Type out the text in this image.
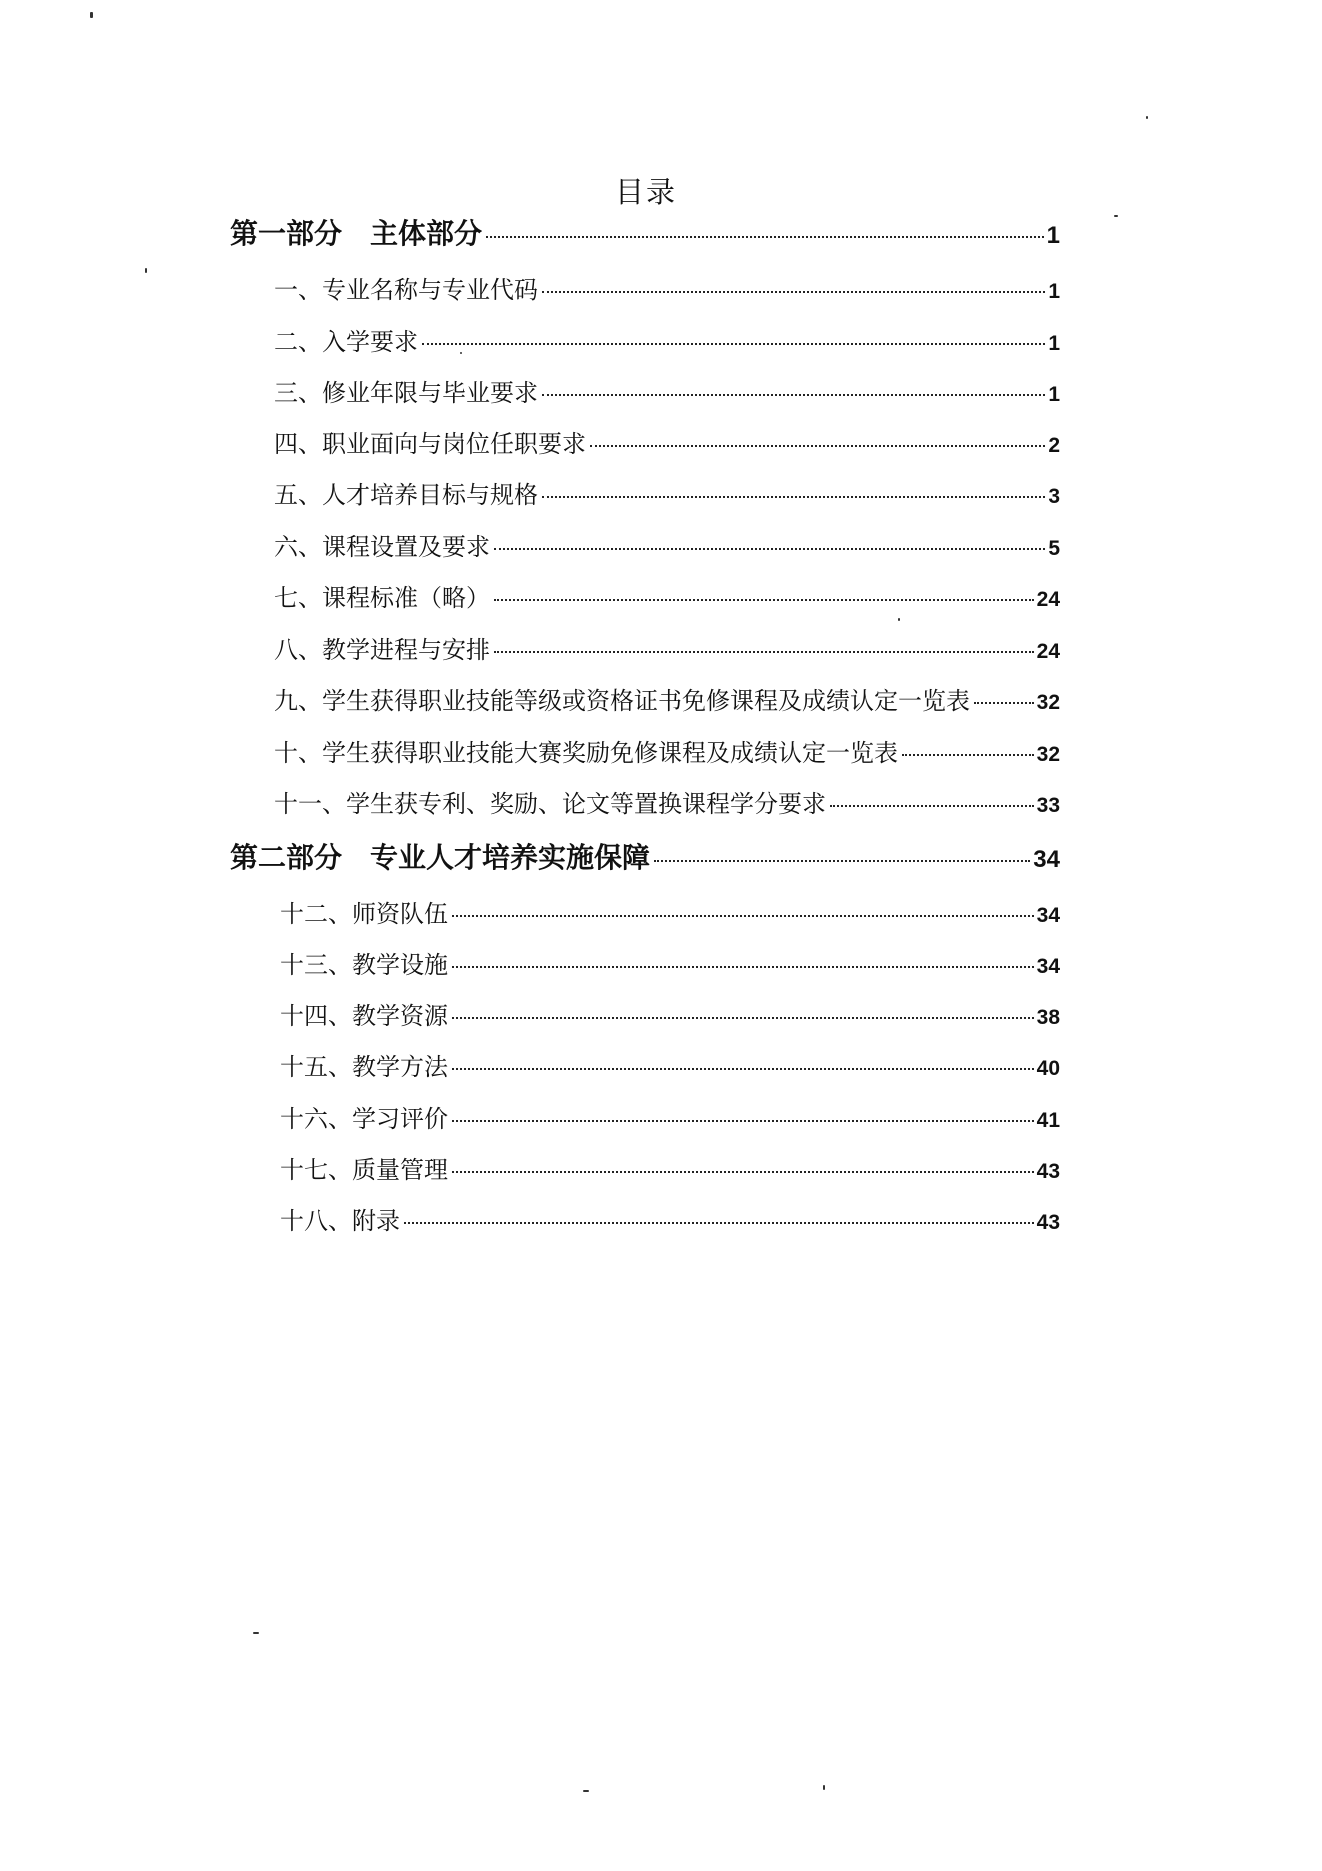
目录
第一部分　主体部分	1
一、专业名称与专业代码	1
二、入学要求	1
三、修业年限与毕业要求	1
四、职业面向与岗位任职要求	2
五、人才培养目标与规格	3
六、课程设置及要求	5
七、课程标准（略）	24
八、教学进程与安排	24
九、学生获得职业技能等级或资格证书免修课程及成绩认定一览表	32
十、学生获得职业技能大赛奖励免修课程及成绩认定一览表	32
十一、学生获专利、奖励、论文等置换课程学分要求	33
第二部分　专业人才培养实施保障	34
十二、师资队伍	34
十三、教学设施	34
十四、教学资源	38
十五、教学方法	40
十六、学习评价	41
十七、质量管理	43
十八、附录	43
